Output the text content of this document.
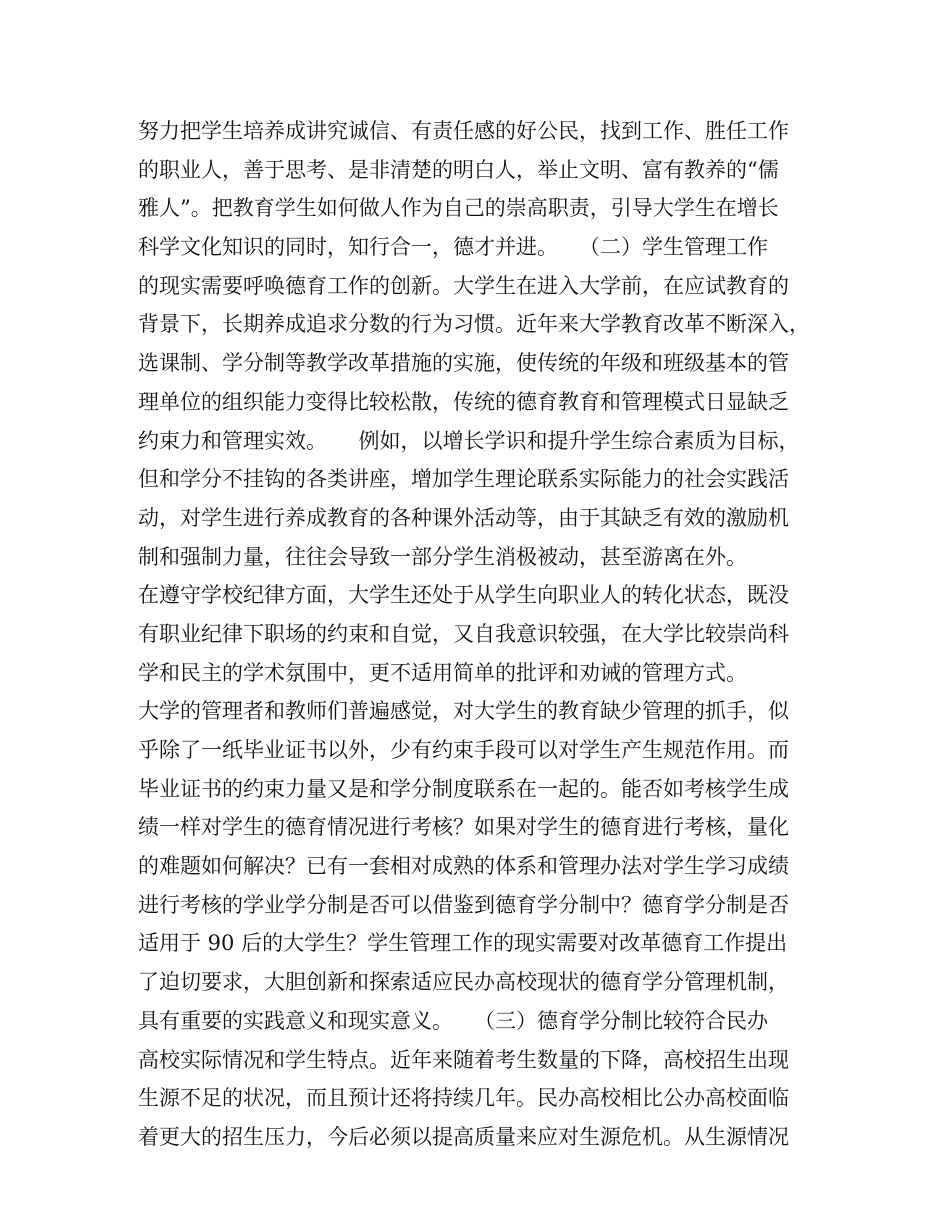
努力把学生培养成讲究诚信、有责任感的好公民，找到工作、胜任工作
的职业人，善于思考、是非清楚的明白人，举止文明、富有教养的“儒
雅人”。把教育学生如何做人作为自己的崇高职责，引导大学生在增长
科学文化知识的同时，知行合一，德才并进。　　（二）学生管理工作
的现实需要呼唤德育工作的创新。大学生在进入大学前，在应试教育的
背景下，长期养成追求分数的行为习惯。近年来大学教育改革不断深入，
选课制、学分制等教学改革措施的实施，使传统的年级和班级基本的管
理单位的组织能力变得比较松散，传统的德育教育和管理模式日显缺乏
约束力和管理实效。　　例如，以增长学识和提升学生综合素质为目标，
但和学分不挂钩的各类讲座，增加学生理论联系实际能力的社会实践活
动，对学生进行养成教育的各种课外活动等，由于其缺乏有效的激励机
制和强制力量，往往会导致一部分学生消极被动，甚至游离在外。
在遵守学校纪律方面，大学生还处于从学生向职业人的转化状态，既没
有职业纪律下职场的约束和自觉，又自我意识较强，在大学比较崇尚科
学和民主的学术氛围中，更不适用简单的批评和劝诫的管理方式。
大学的管理者和教师们普遍感觉，对大学生的教育缺少管理的抓手，似
乎除了一纸毕业证书以外，少有约束手段可以对学生产生规范作用。而
毕业证书的约束力量又是和学分制度联系在一起的。能否如考核学生成
绩一样对学生的德育情况进行考核？如果对学生的德育进行考核，量化
的难题如何解决？已有一套相对成熟的体系和管理办法对学生学习成绩
进行考核的学业学分制是否可以借鉴到德育学分制中？德育学分制是否
适用于 90 后的大学生？学生管理工作的现实需要对改革德育工作提出
了迫切要求，大胆创新和探索适应民办高校现状的德育学分管理机制，
具有重要的实践意义和现实意义。　　（三）德育学分制比较符合民办
高校实际情况和学生特点。近年来随着考生数量的下降，高校招生出现
生源不足的状况，而且预计还将持续几年。民办高校相比公办高校面临
着更大的招生压力，今后必须以提高质量来应对生源危机。从生源情况
